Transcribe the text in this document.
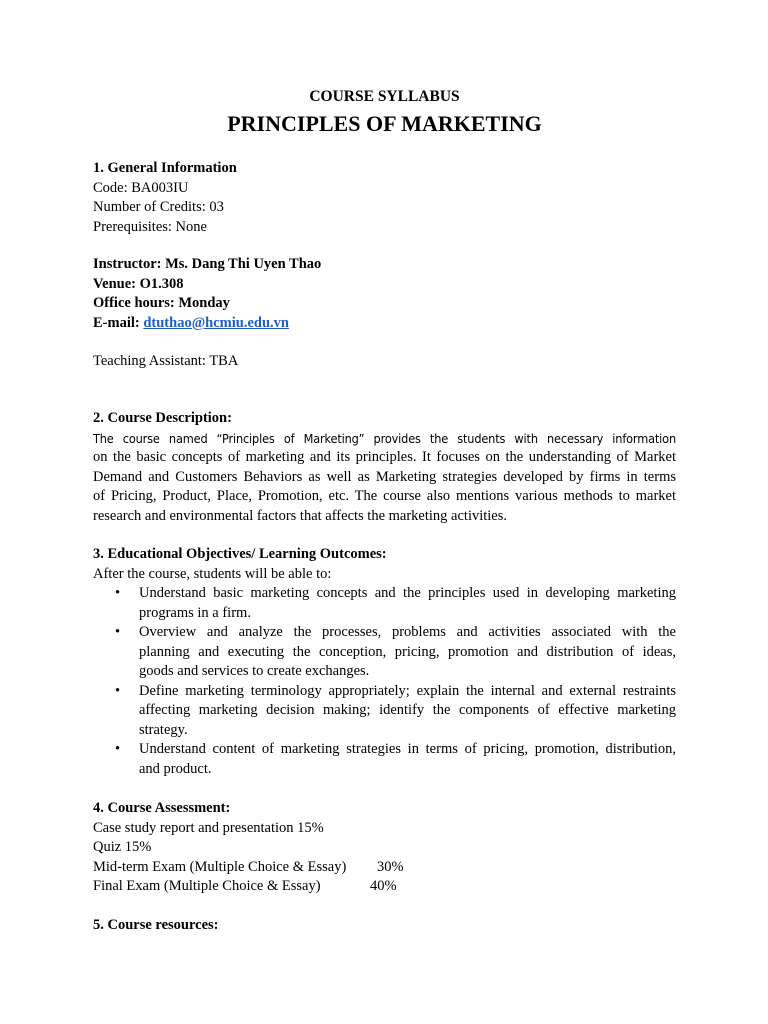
COURSE SYLLABUS
PRINCIPLES OF MARKETING
1. General Information
Code: BA003IU
Number of Credits: 03
Prerequisites: None
Instructor: Ms. Dang Thi Uyen Thao
Venue: O1.308
Office hours: Monday
E-mail: dtuthao@hcmiu.edu.vn
Teaching Assistant: TBA
2. Course Description:
The course named “Principles of Marketing” provides the students with necessary information
on the basic concepts of marketing and its principles. It focuses on the understanding of Market
Demand and Customers Behaviors as well as Marketing strategies developed by firms in terms
of Pricing, Product, Place, Promotion, etc. The course also mentions various methods to market
research and environmental factors that affects the marketing activities.
3. Educational Objectives/ Learning Outcomes:
After the course, students will be able to:
•	Understand basic marketing concepts and the principles used in developing marketing
programs in a firm.
•	Overview and analyze the processes, problems and activities associated with the
planning and executing the conception, pricing, promotion and distribution of ideas,
goods and services to create exchanges.
•	Define marketing terminology appropriately; explain the internal and external restraints
affecting marketing decision making; identify the components of effective marketing
strategy.
•	Understand content of marketing strategies in terms of pricing, promotion, distribution,
and product.
4. Course Assessment:
Case study report and presentation 15%
Quiz 15%
Mid-term Exam (Multiple Choice & Essay) 30%
Final Exam (Multiple Choice & Essay)	40%
5. Course resources:
